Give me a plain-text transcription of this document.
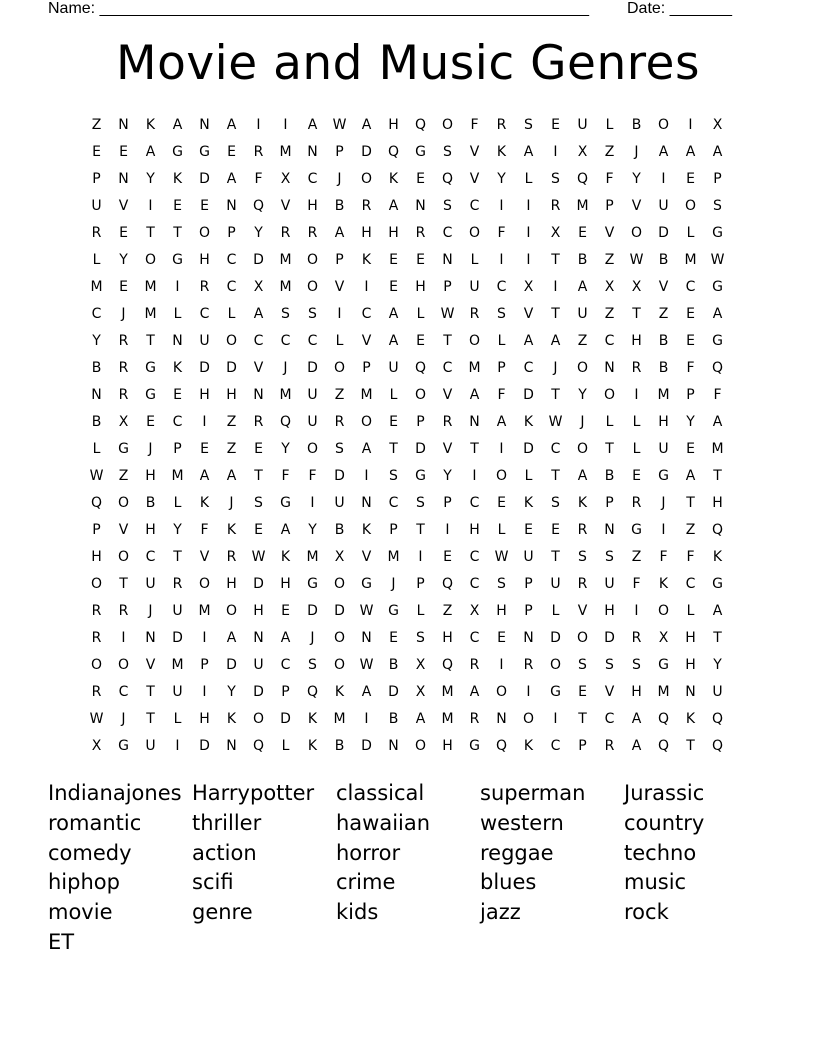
Name: _______________________________________________________ Date: _______
Movie and Music Genres
Z	N	K	A	N	A	I	I	A	W	A	H	Q	O	F	R	S	E	U	L	B	O	I	X
E	E	A	G	G	E	R	M	N	P	D	Q	G	S	V	K	A	I	X	Z	J	A	A	A
P	N	Y	K	D	A	F	X	C	J	O	K	E	Q	V	Y	L	S	Q	F	Y	I	E	P
U	V	I	E	E	N	Q	V	H	B	R	A	N	S	C	I	I	R	M	P	V	U	O	S
R	E	T	T	O	P	Y	R	R	A	H	H	R	C	O	F	I	X	E	V	O	D	L	G
L	Y	O	G	H	C	D	M	O	P	K	E	E	N	L	I	I	T	B	Z	W	B	M	W
M	E	M	I	R	C	X	M	O	V	I	E	H	P	U	C	X	I	A	X	X	V	C	G
C	J	M	L	C	L	A	S	S	I	C	A	L	W	R	S	V	T	U	Z	T	Z	E	A
Y	R	T	N	U	O	C	C	C	L	V	A	E	T	O	L	A	A	Z	C	H	B	E	G
B	R	G	K	D	D	V	J	D	O	P	U	Q	C	M	P	C	J	O	N	R	B	F	Q
N	R	G	E	H	H	N	M	U	Z	M	L	O	V	A	F	D	T	Y	O	I	M	P	F
B	X	E	C	I	Z	R	Q	U	R	O	E	P	R	N	A	K	W	J	L	L	H	Y	A
L	G	J	P	E	Z	E	Y	O	S	A	T	D	V	T	I	D	C	O	T	L	U	E	M
W	Z	H	M	A	A	T	F	F	D	I	S	G	Y	I	O	L	T	A	B	E	G	A	T
Q	O	B	L	K	J	S	G	I	U	N	C	S	P	C	E	K	S	K	P	R	J	T	H
P	V	H	Y	F	K	E	A	Y	B	K	P	T	I	H	L	E	E	R	N	G	I	Z	Q
H	O	C	T	V	R	W	K	M	X	V	M	I	E	C	W	U	T	S	S	Z	F	F	K
O	T	U	R	O	H	D	H	G	O	G	J	P	Q	C	S	P	U	R	U	F	K	C	G
R	R	J	U	M	O	H	E	D	D	W	G	L	Z	X	H	P	L	V	H	I	O	L	A
R	I	N	D	I	A	N	A	J	O	N	E	S	H	C	E	N	D	O	D	R	X	H	T
O	O	V	M	P	D	U	C	S	O	W	B	X	Q	R	I	R	O	S	S	S	G	H	Y
R	C	T	U	I	Y	D	P	Q	K	A	D	X	M	A	O	I	G	E	V	H	M	N	U
W	J	T	L	H	K	O	D	K	M	I	B	A	M	R	N	O	I	T	C	A	Q	K	Q
X	G	U	I	D	N	Q	L	K	B	D	N	O	H	G	Q	K	C	P	R	A	Q	T	Q
Indianajones Harrypotter	classical	superman	Jurassic
romantic	thriller	hawaiian	western	country
comedy	action	horror	reggae	techno
hiphop	scifi	crime	blues	music
movie	genre	kids	jazz	rock
ET
